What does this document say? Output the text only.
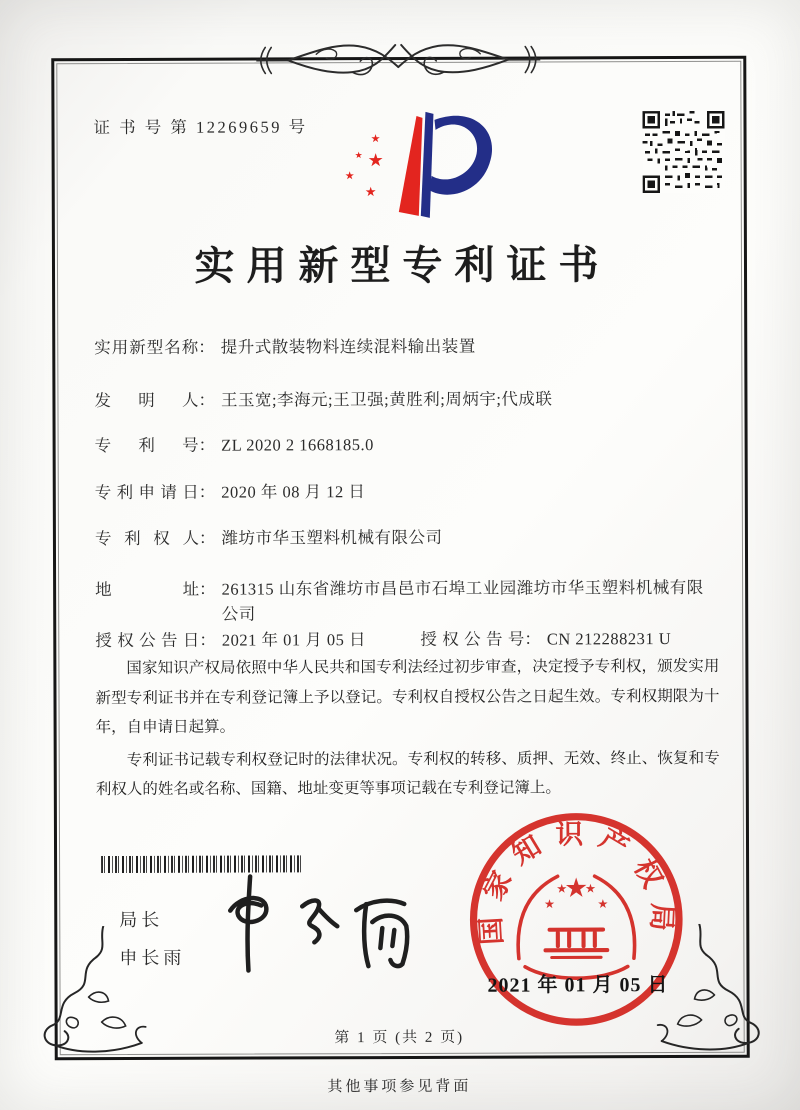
证 书 号 第 12269659 号
★
★
★
★
★
实用新型专利证书
实用新型名称 ： 提升式散装物料连续混料输出装置
发明人 ： 王玉宽;李海元;王卫强;黄胜利;周炳宇;代成联
专利号 ： ZL 2020 2 1668185.0
专利申请日 ： 2020 年 08 月 12 日
专利权人 ： 潍坊市华玉塑料机械有限公司
地址 ： 261315 山东省潍坊市昌邑市石埠工业园潍坊市华玉塑料机械有限公司
授权公告日 ： 2021 年 01 月 05 日	授权公告号 ： CN 212288231 U

国家知识产权局依照中华人民共和国专利法经过初步审查，决定授予专利权，颁发实用新型专利证书并在专利登记簿上予以登记。专利权自授权公告之日起生效。专利权期限为十年，自申请日起算。

专利证书记载专利权登记时的法律状况。专利权的转移、质押、无效、终止、恢复和专利权人的姓名或名称、国籍、地址变更等事项记载在专利登记簿上。

局长
申长雨
国家知识产权局
★
★
★ ★
★
2021 年 01 月 05 日
第 1 页 (共 2 页)
其他事项参见背面
